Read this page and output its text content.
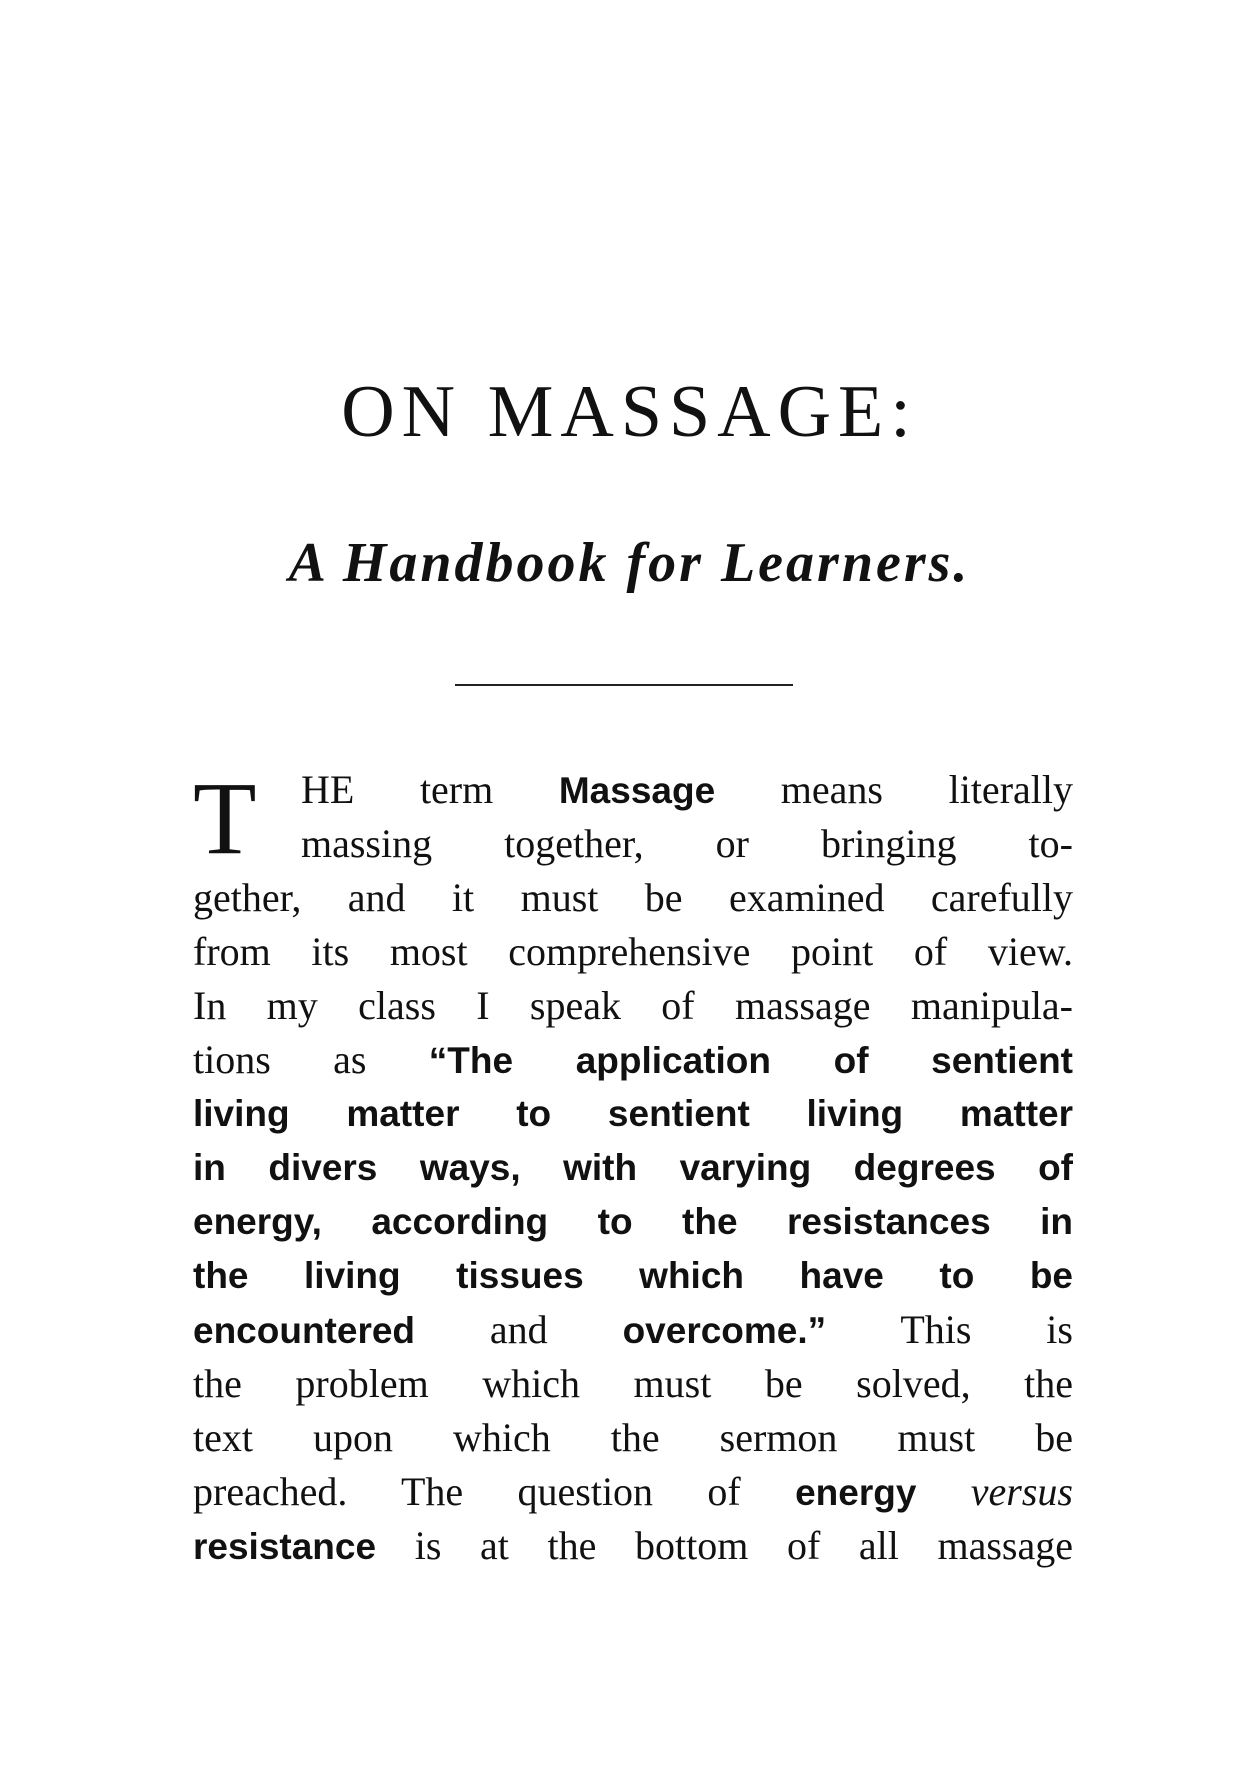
ON MASSAGE:
A Handbook for Learners.
T	HE term Massage means literally
massing together, or bringing to-
gether, and it must be examined carefully
from its most comprehensive point of view.
In my class I speak of massage manipula-
tions as “The application of sentient
living matter to sentient living matter
in divers ways, with varying degrees of
energy, according to the resistances in
the living tissues which have to be
encountered and overcome.” This is
the problem which must be solved, the
text upon which the sermon must be
preached. The question of energy versus
resistance is at the bottom of all massage
